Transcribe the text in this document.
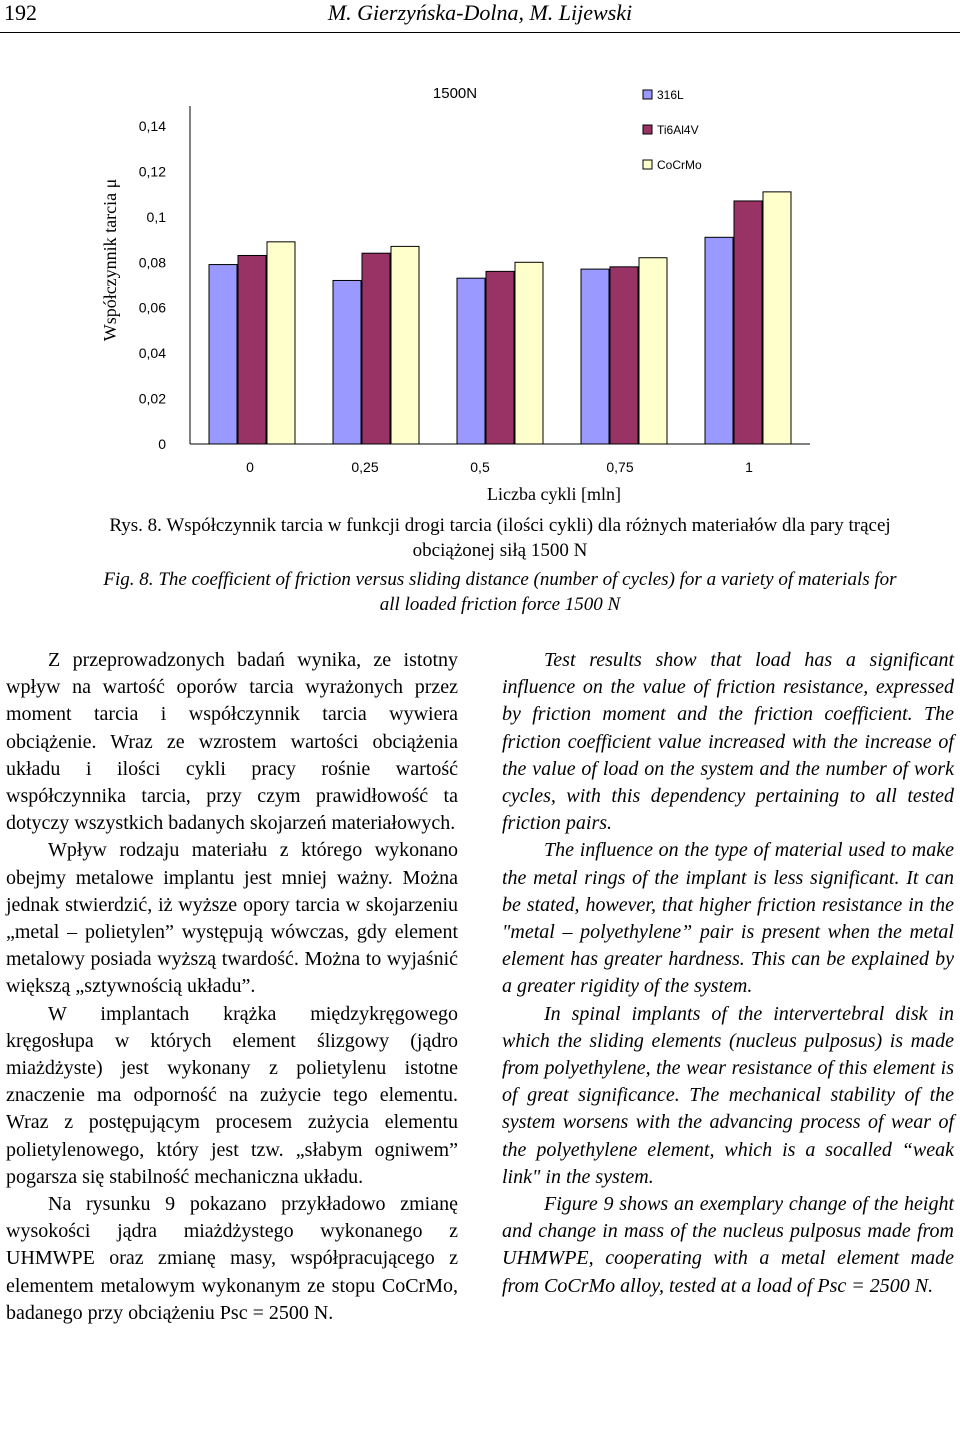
192	M. Gierzyńska-Dolna, M. Lijewski
0,14
0,12
0,1
0,08
0,06
0,04
0,02
0
0	0,25	0,5	0,75	1
1500N
Współczynnik tarcia μ
Liczba cykli [mln]
316L
Ti6Al4V
CoCrMo
Rys. 8. Współczynnik tarcia w funkcji drogi tarcia (ilości cykli) dla różnych materiałów dla pary trącej obciążonej siłą 1500 N
Fig. 8. The coefficient of friction versus sliding distance (number of cycles) for a variety of materials for all loaded friction force 1500 N

Z przeprowadzonych badań wynika, ze istotny wpływ na wartość oporów tarcia wyrażonych przez moment tarcia i współczynnik tarcia wywiera obciążenie. Wraz ze wzrostem wartości obciążenia układu i ilości cykli pracy rośnie wartość współczynnika tarcia, przy czym prawidłowość ta dotyczy wszystkich badanych skojarzeń materiałowych.

Wpływ rodzaju materiału z którego wykonano obejmy metalowe implantu jest mniej ważny. Można jednak stwierdzić, iż wyższe opory tarcia w skojarzeniu „metal – polietylen” występują wówczas, gdy element metalowy posiada wyższą twardość. Można to wyjaśnić większą „sztywnością układu”.

W implantach krążka międzykręgowego kręgosłupa w których element ślizgowy (jądro miażdżyste) jest wykonany z polietylenu istotne znaczenie ma odporność na zużycie tego elementu. Wraz z postępującym procesem zużycia elementu polietylenowego, który jest tzw. „słabym ogniwem” pogarsza się stabilność mechaniczna układu.

Na rysunku 9 pokazano przykładowo zmianę wysokości jądra miażdżystego wykonanego z UHMWPE oraz zmianę masy, współpracującego z elementem metalowym wykonanym ze stopu CoCrMo, badanego przy obciążeniu Psc = 2500 N.

Test results show that load has a significant influence on the value of friction resistance, expressed by friction moment and the friction coefficient. The friction coefficient value increased with the increase of the value of load on the system and the number of work cycles, with this dependency pertaining to all tested friction pairs.

The influence on the type of material used to make the metal rings of the implant is less significant. It can be stated, however, that higher friction resistance in the "metal – polyethylene” pair is present when the metal element has greater hardness. This can be explained by a greater rigidity of the system.

In spinal implants of the intervertebral disk in which the sliding elements (nucleus pulposus) is made from polyethylene, the wear resistance of this element is of great significance. The mechanical stability of the system worsens with the advancing process of wear of the polyethylene element, which is a socalled “weak link" in the system.

Figure 9 shows an exemplary change of the height and change in mass of the nucleus pulposus made from UHMWPE, cooperating with a metal element made from CoCrMo alloy, tested at a load of Psc = 2500 N.
